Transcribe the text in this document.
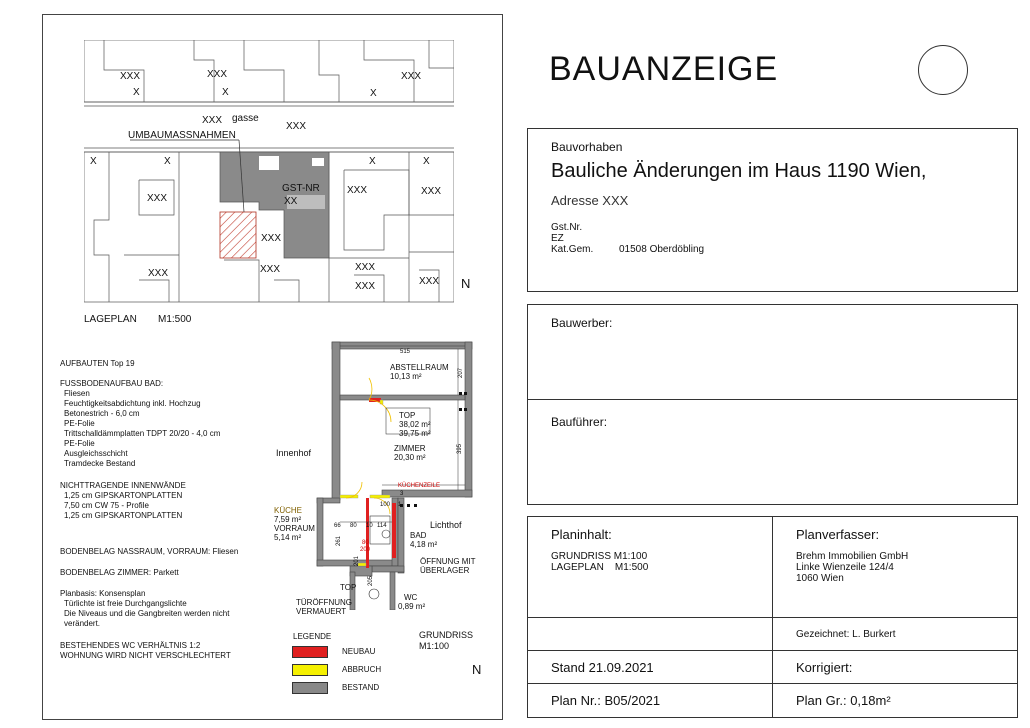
XXX	XXX	XXX
X	X	X
XXX gasse
XXX
UMBAUMASSNAHMEN
GST-NR
XX
X	X
XXX
XXX	XXX
XXX
XXX	XXX	XXX
XXX	XXX
X	X
N
LAGEPLAN M1:500
AUFBAUTEN Top 19
FUSSBODENAUFBAU BAD:
Fliesen
Feuchtigkeitsabdichtung inkl. Hochzug
Betonestrich - 6,0 cm
PE-Folie
Trittschalldämmplatten TDPT 20/20 - 4,0 cm
PE-Folie
Ausgleichsschicht
Tramdecke Bestand
NICHTTRAGENDE INNENWÄNDE
1,25 cm GIPSKARTONPLATTEN
7,50 cm CW 75 - Profile
1,25 cm GIPSKARTONPLATTEN
BODENBELAG NASSRAUM, VORRAUM: Fliesen
BODENBELAG ZIMMER: Parkett
Planbasis: Konsensplan
Türlichte ist freie Durchgangslichte
Die Niveaus und die Gangbreiten werden nicht
verändert.
BESTEHENDES WC VERHÄLTNIS 1:2
WOHNUNG WIRD NICHT VERSCHLECHTERT
Innenhof
Lichthof
ABSTELLRAUM
10,13 m²
TOP
38,02 m²
39,75 m²
ZIMMER
20,30 m²
KÜCHENZEILE
KÜCHE
7,59 m²
VORRAUM
5,14 m²	BAD
4,18 m²
ÖFFNUNG MIT
ÜBERLAGER
TÜRÖFFNUNG
VERMAUERT
TOP
WC
0,89 m²
515
207
395
66 80 10 114
261
100
201
205
80
200
3
1
GRUNDRISS
M1:100
N
LEGENDE
NEUBAU
ABBRUCH
BESTAND
BAUANZEIGE
Bauvorhaben
Bauliche Änderungen im Haus 1190 Wien,
Adresse XXX
Gst.Nr.
EZ
Kat.Gem.	01508 Oberdöbling
Bauwerber:
Bauführer:
Planinhalt:
GRUNDRISS M1:100
LAGEPLAN    M1:500
Planverfasser:
Brehm Immobilien GmbH
Linke Wienzeile 124/4
1060 Wien
Gezeichnet: L. Burkert
Stand 21.09.2021	Korrigiert:
Plan Nr.: B05/2021	Plan Gr.: 0,18m²
